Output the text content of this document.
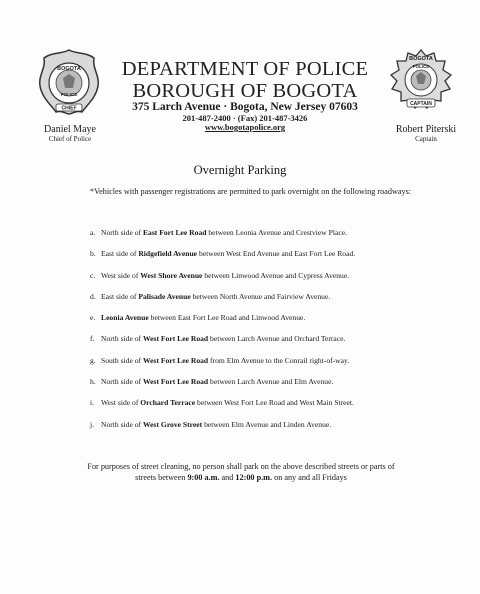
BOGOTA
POLICE
CHIEF
BOGOTA
POLICE
CAPTAIN
DEPARTMENT OF POLICE
BOROUGH OF BOGOTA
375 Larch Avenue · Bogota, New Jersey 07603
201-487-2400 · (Fax) 201-487-3426
www.bogotapolice.org
Daniel Maye
Chief of Police
Robert Piterski
Captain
Overnight Parking
*Vehicles with passenger registrations are permitted to park overnight on the following roadways:
a. North side of East Fort Lee Road between Leonia Avenue and Crestview Place.
b. East side of Ridgefield Avenue between West End Avenue and East Fort Lee Road.
c. West side of West Shore Avenue between Linwood Avenue and Cypress Avenue.
d. East side of Palisade Avenue between North Avenue and Fairview Avenue.
e. Leonia Avenue between East Fort Lee Road and Linwood Avenue.
f. North side of West Fort Lee Road between Larch Avenue and Orchard Terrace.
g. South side of West Fort Lee Road from Elm Avenue to the Conrail right-of-way.
h. North side of West Fort Lee Road between Larch Avenue and Elm Avenue.
i. West side of Orchard Terrace between West Fort Lee Road and West Main Street.
j. North side of West Grove Street between Elm Avenue and Linden Avenue.
For purposes of street cleaning, no person shall park on the above described streets or parts of
streets between 9:00 a.m. and 12:00 p.m. on any and all Fridays
